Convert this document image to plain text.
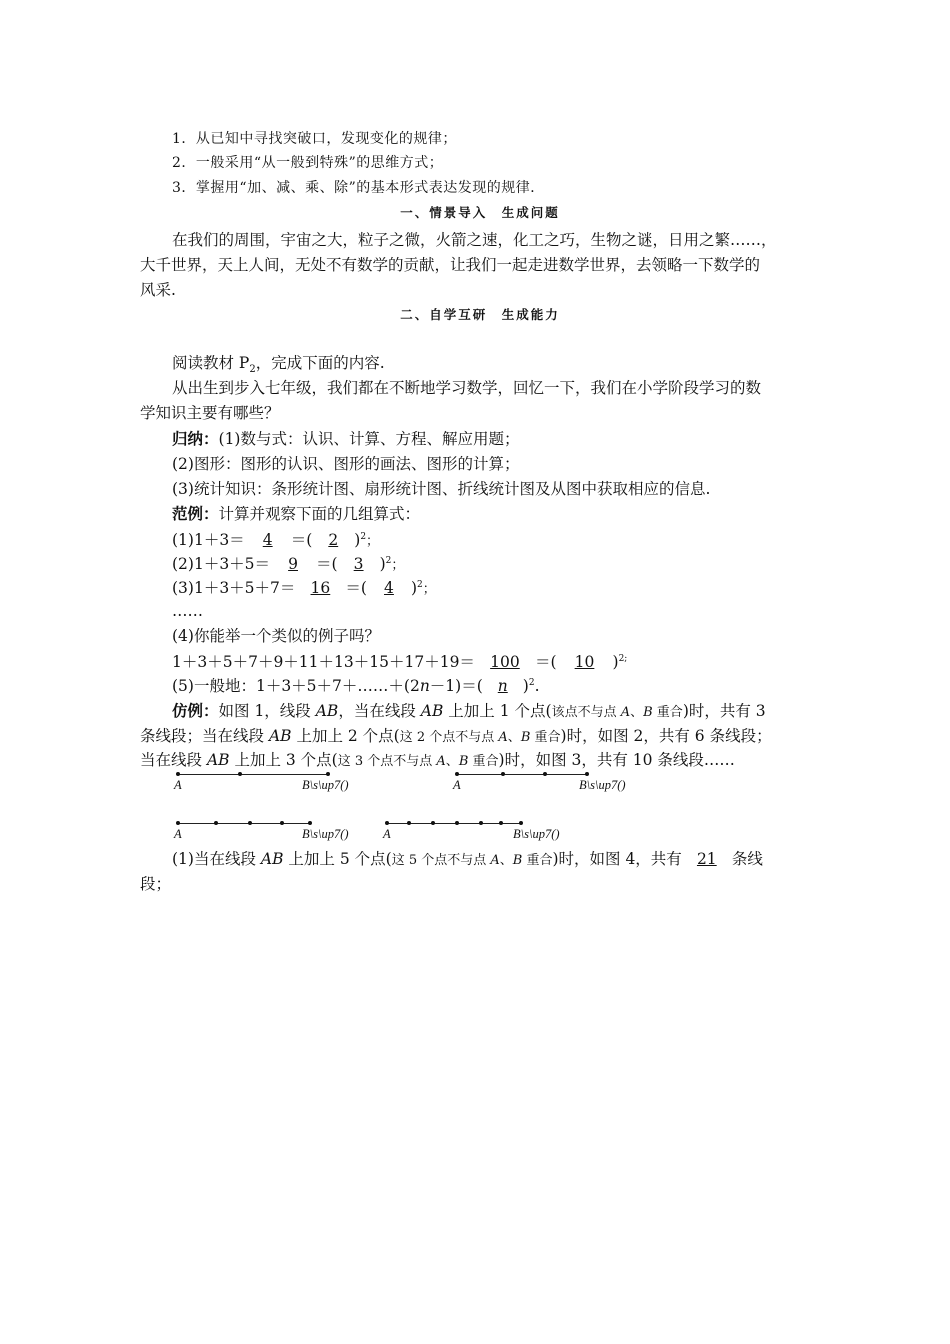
1．从已知中寻找突破口，发现变化的规律；
2．一般采用“从一般到特殊”的思维方式；
3．掌握用“加、减、乘、除”的基本形式表达发现的规律．
一、情景导入　生成问题
在我们的周围，宇宙之大，粒子之微，火箭之速，化工之巧，生物之谜，日用之繁……，
大千世界，天上人间，无处不有数学的贡献，让我们一起走进数学世界，去领略一下数学的
风采.
二、自学互研　生成能力
阅读教材 $P_2$，完成下面的内容.
从出生到步入七年级，我们都在不断地学习数学，回忆一下，我们在小学阶段学习的数
学知识主要有哪些？
归纳：(1)数与式：认识、计算、方程、解应用题；
(2)图形：图形的认识、图形的画法、图形的计算；
(3)统计知识：条形统计图、扇形统计图、折线统计图及从图中获取相应的信息.
范例：计算并观察下面的几组算式：
(1)1＋3＝ 4 ＝( 2 )$^2$；
(2)1＋3＋5＝ 9 ＝( 3 )$^2$；
(3)1＋3＋5＋7＝ 16 ＝( 4 )$^2$；
……
(4)你能举一个类似的例子吗？
1＋3＋5＋7＋9＋11＋13＋15＋17＋19＝ 100 ＝( 10 )$^{2;}$
(5)一般地：1＋3＋5＋7＋……＋(2n－1)＝( n )$^2$.
仿例：如图 1，线段 AB，当在线段 AB 上加上 1 个点(该点不与点 A、B 重合)时，共有 3
条线段；当在线段 AB 上加上 2 个点(这 2 个点不与点 A、B 重合)时，如图 2，共有 6 条线段；
当在线段 AB 上加上 3 个点(这 3 个点不与点 A、B 重合)时，如图 3，共有 10 条线段……
A	B\s\up7()	A	B\s\up7()
A	B\s\up7()	A	B\s\up7()
(1)当在线段 AB 上加上 5 个点(这 5 个点不与点 A、B 重合)时，如图 4，共有 21 条线
段；
